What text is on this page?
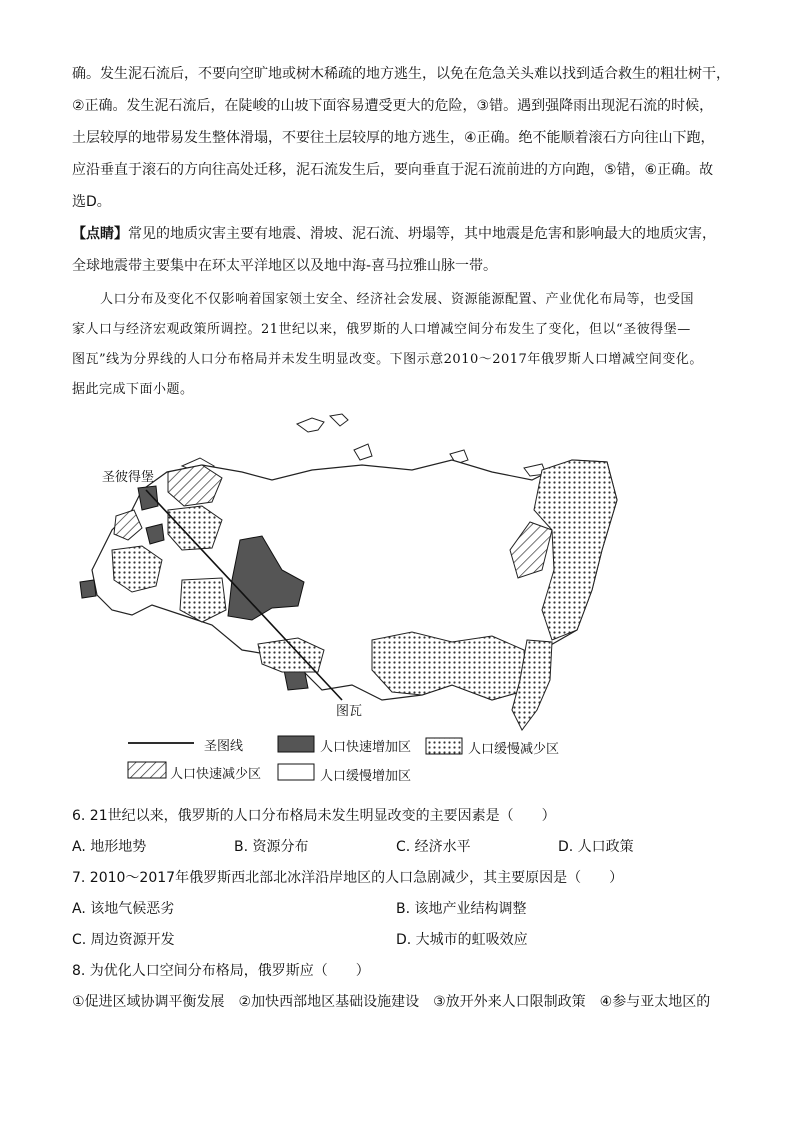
确。发生泥石流后，不要向空旷地或树木稀疏的地方逃生，以免在危急关头难以找到适合救生的粗壮树干，
②正确。发生泥石流后，在陡峻的山坡下面容易遭受更大的危险，③错。遇到强降雨出现泥石流的时候，
土层较厚的地带易发生整体滑塌，不要往土层较厚的地方逃生，④正确。绝不能顺着滚石方向往山下跑，
应沿垂直于滚石的方向往高处迁移，泥石流发生后，要向垂直于泥石流前进的方向跑，⑤错，⑥正确。故
选D。
【点睛】常见的地质灾害主要有地震、滑坡、泥石流、坍塌等，其中地震是危害和影响最大的地质灾害，
全球地震带主要集中在环太平洋地区以及地中海-喜马拉雅山脉一带。
人口分布及变化不仅影响着国家领土安全、经济社会发展、资源能源配置、产业优化布局等，也受国
家人口与经济宏观政策所调控。21世纪以来，俄罗斯的人口增减空间分布发生了变化，但以“圣彼得堡—
图瓦”线为分界线的人口分布格局并未发生明显改变。下图示意2010～2017年俄罗斯人口增减空间变化。
据此完成下面小题。
圣彼得堡
图瓦
圣图线	人口快速增加区	人口缓慢减少区
人口快速减少区	人口缓慢增加区
6. 21世纪以来，俄罗斯的人口分布格局未发生明显改变的主要因素是（　　）
A. 地形地势	B. 资源分布	C. 经济水平	D. 人口政策
7. 2010～2017年俄罗斯西北部北冰洋沿岸地区的人口急剧减少，其主要原因是（　　）
A. 该地气候恶劣	B. 该地产业结构调整
C. 周边资源开发	D. 大城市的虹吸效应
8. 为优化人口空间分布格局，俄罗斯应（　　）
①促进区域协调平衡发展　②加快西部地区基础设施建设　③放开外来人口限制政策　④参与亚太地区的
